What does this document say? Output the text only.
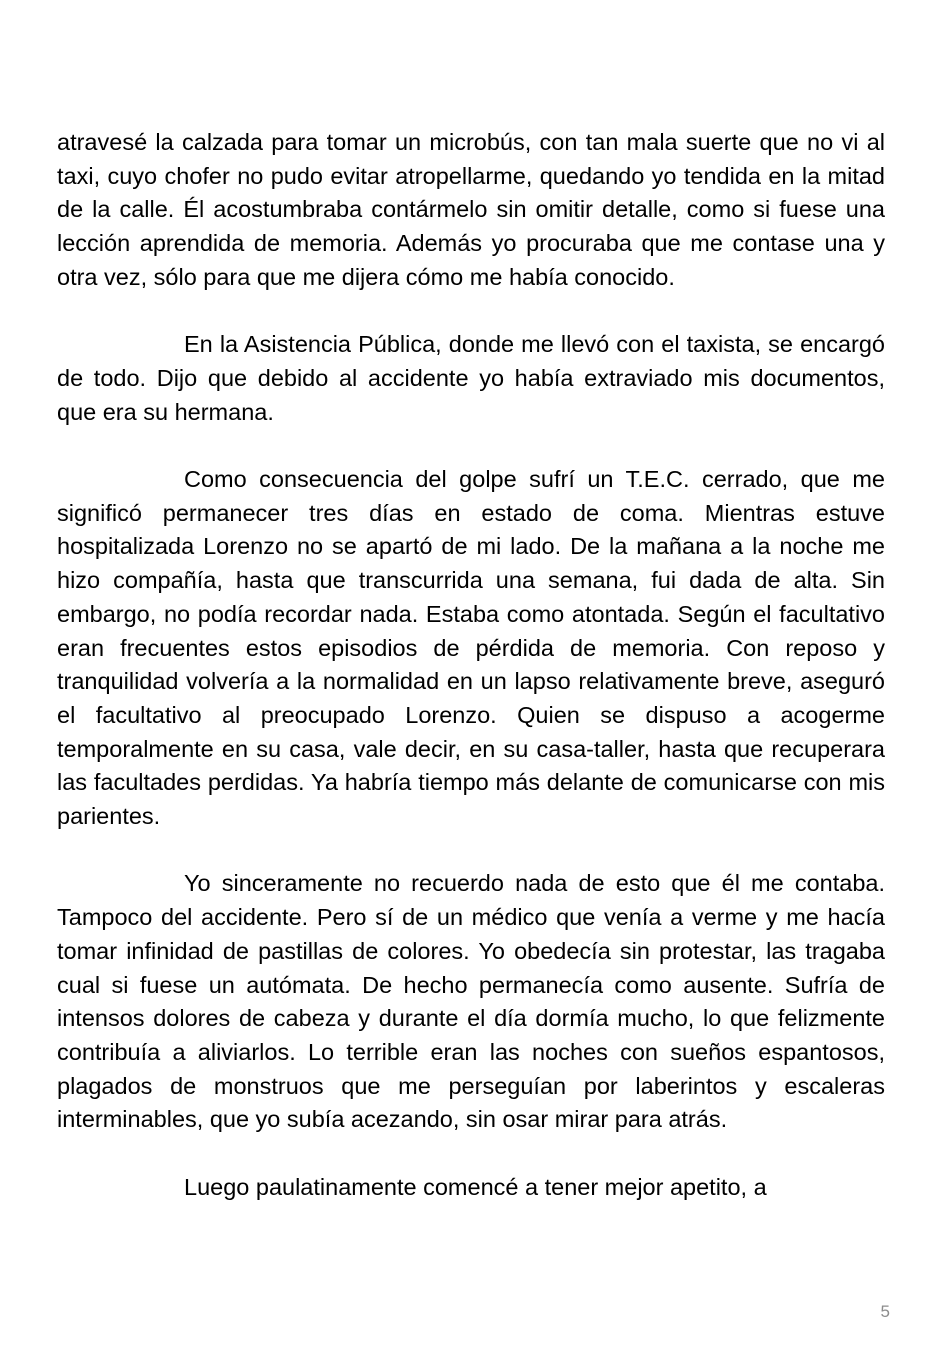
atravesé la calzada para tomar un microbús, con tan mala suerte que no vi al taxi, cuyo chofer no pudo evitar atropellarme, quedando yo tendida en la mitad de la calle. Él acostumbraba contármelo sin omitir detalle, como si fuese una lección aprendida de memoria. Además yo procuraba que me contase una y otra vez, sólo para que me dijera cómo me había conocido.

En la Asistencia Pública, donde me llevó con el taxista, se encargó de todo. Dijo que debido al accidente yo había extraviado mis documentos, que era su hermana.

Como consecuencia del golpe sufrí un T.E.C. cerrado, que me significó permanecer tres días en estado de coma. Mientras estuve hospitalizada Lorenzo no se apartó de mi lado. De la mañana a la noche me hizo compañía, hasta que transcurrida una semana, fui dada de alta. Sin embargo, no podía recordar nada. Estaba como atontada. Según el facultativo eran frecuentes estos episodios de pérdida de memoria. Con reposo y tranquilidad volvería a la normalidad en un lapso relativamente breve, aseguró el facultativo al preocupado Lorenzo. Quien se dispuso a acogerme temporalmente en su casa, vale decir, en su casa-taller, hasta que recuperara las facultades perdidas. Ya habría tiempo más delante de comunicarse con mis parientes.

Yo sinceramente no recuerdo nada de esto que él me contaba. Tampoco del accidente. Pero sí de un médico que venía a verme y me hacía tomar infinidad de pastillas de colores. Yo obedecía sin protestar, las tragaba cual si fuese un autómata. De hecho permanecía como ausente. Sufría de intensos dolores de cabeza y durante el día dormía mucho, lo que felizmente contribuía a aliviarlos. Lo terrible eran las noches con sueños espantosos, plagados de monstruos que me perseguían por laberintos y escaleras interminables, que yo subía acezando, sin osar mirar para atrás.

Luego paulatinamente comencé a tener mejor apetito, a

5
